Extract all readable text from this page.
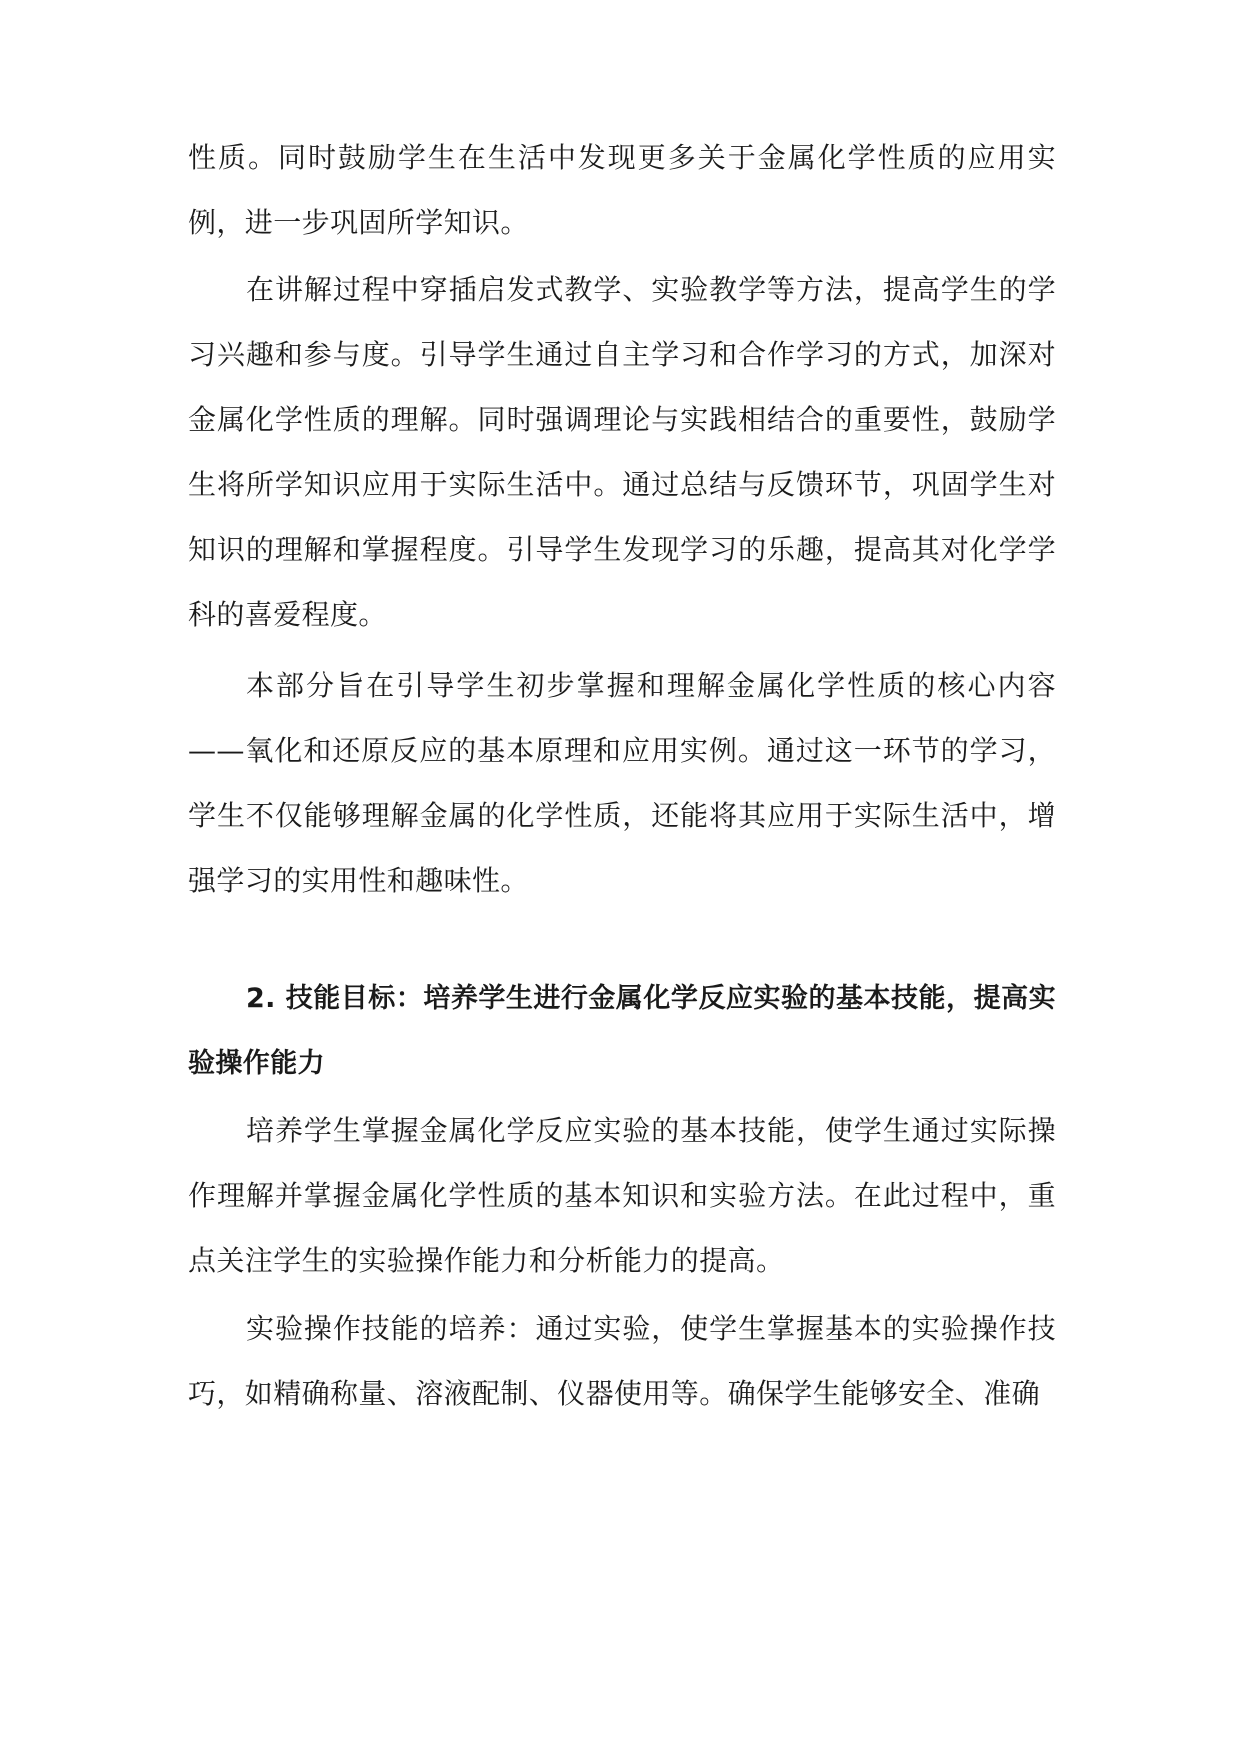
性质。同时鼓励学生在生活中发现更多关于金属化学性质的应用实例，进一步巩固所学知识。

在讲解过程中穿插启发式教学、实验教学等方法，提高学生的学习兴趣和参与度。引导学生通过自主学习和合作学习的方式，加深对金属化学性质的理解。同时强调理论与实践相结合的重要性，鼓励学生将所学知识应用于实际生活中。通过总结与反馈环节，巩固学生对知识的理解和掌握程度。引导学生发现学习的乐趣，提高其对化学学科的喜爱程度。

本部分旨在引导学生初步掌握和理解金属化学性质的核心内容——氧化和还原反应的基本原理和应用实例。通过这一环节的学习，学生不仅能够理解金属的化学性质，还能将其应用于实际生活中，增强学习的实用性和趣味性。

2. 技能目标：培养学生进行金属化学反应实验的基本技能，提高实验操作能力

培养学生掌握金属化学反应实验的基本技能，使学生通过实际操作理解并掌握金属化学性质的基本知识和实验方法。在此过程中，重点关注学生的实验操作能力和分析能力的提高。

实验操作技能的培养：通过实验，使学生掌握基本的实验操作技巧，如精确称量、溶液配制、仪器使用等。确保学生能够安全、准确
